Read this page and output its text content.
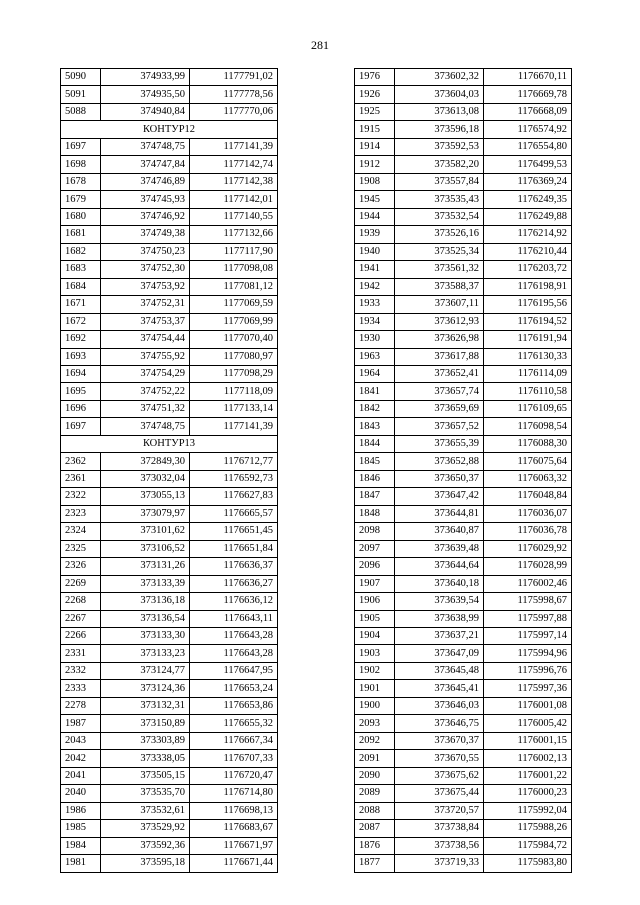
281
5090	374933,99	1177791,02
5091	374935,50	1177778,56
5088	374940,84	1177770,06
КОНТУР12		
1697	374748,75	1177141,39
1698	374747,84	1177142,74
1678	374746,89	1177142,38
1679	374745,93	1177142,01
1680	374746,92	1177140,55
1681	374749,38	1177132,66
1682	374750,23	1177117,90
1683	374752,30	1177098,08
1684	374753,92	1177081,12
1671	374752,31	1177069,59
1672	374753,37	1177069,99
1692	374754,44	1177070,40
1693	374755,92	1177080,97
1694	374754,29	1177098,29
1695	374752,22	1177118,09
1696	374751,32	1177133,14
1697	374748,75	1177141,39
КОНТУР13		
2362	372849,30	1176712,77
2361	373032,04	1176592,73
2322	373055,13	1176627,83
2323	373079,97	1176665,57
2324	373101,62	1176651,45
2325	373106,52	1176651,84
2326	373131,26	1176636,37
2269	373133,39	1176636,27
2268	373136,18	1176636,12
2267	373136,54	1176643,11
2266	373133,30	1176643,28
2331	373133,23	1176643,28
2332	373124,77	1176647,95
2333	373124,36	1176653,24
2278	373132,31	1176653,86
1987	373150,89	1176655,32
2043	373303,89	1176667,34
2042	373338,05	1176707,33
2041	373505,15	1176720,47
2040	373535,70	1176714,80
1986	373532,61	1176698,13
1985	373529,92	1176683,67
1984	373592,36	1176671,97
1981	373595,18	1176671,44
1976	373602,32	1176670,11
1926	373604,03	1176669,78
1925	373613,08	1176668,09
1915	373596,18	1176574,92
1914	373592,53	1176554,80
1912	373582,20	1176499,53
1908	373557,84	1176369,24
1945	373535,43	1176249,35
1944	373532,54	1176249,88
1939	373526,16	1176214,92
1940	373525,34	1176210,44
1941	373561,32	1176203,72
1942	373588,37	1176198,91
1933	373607,11	1176195,56
1934	373612,93	1176194,52
1930	373626,98	1176191,94
1963	373617,88	1176130,33
1964	373652,41	1176114,09
1841	373657,74	1176110,58
1842	373659,69	1176109,65
1843	373657,52	1176098,54
1844	373655,39	1176088,30
1845	373652,88	1176075,64
1846	373650,37	1176063,32
1847	373647,42	1176048,84
1848	373644,81	1176036,07
2098	373640,87	1176036,78
2097	373639,48	1176029,92
2096	373644,64	1176028,99
1907	373640,18	1176002,46
1906	373639,54	1175998,67
1905	373638,99	1175997,88
1904	373637,21	1175997,14
1903	373647,09	1175994,96
1902	373645,48	1175996,76
1901	373645,41	1175997,36
1900	373646,03	1176001,08
2093	373646,75	1176005,42
2092	373670,37	1176001,15
2091	373670,55	1176002,13
2090	373675,62	1176001,22
2089	373675,44	1176000,23
2088	373720,57	1175992,04
2087	373738,84	1175988,26
1876	373738,56	1175984,72
1877	373719,33	1175983,80
